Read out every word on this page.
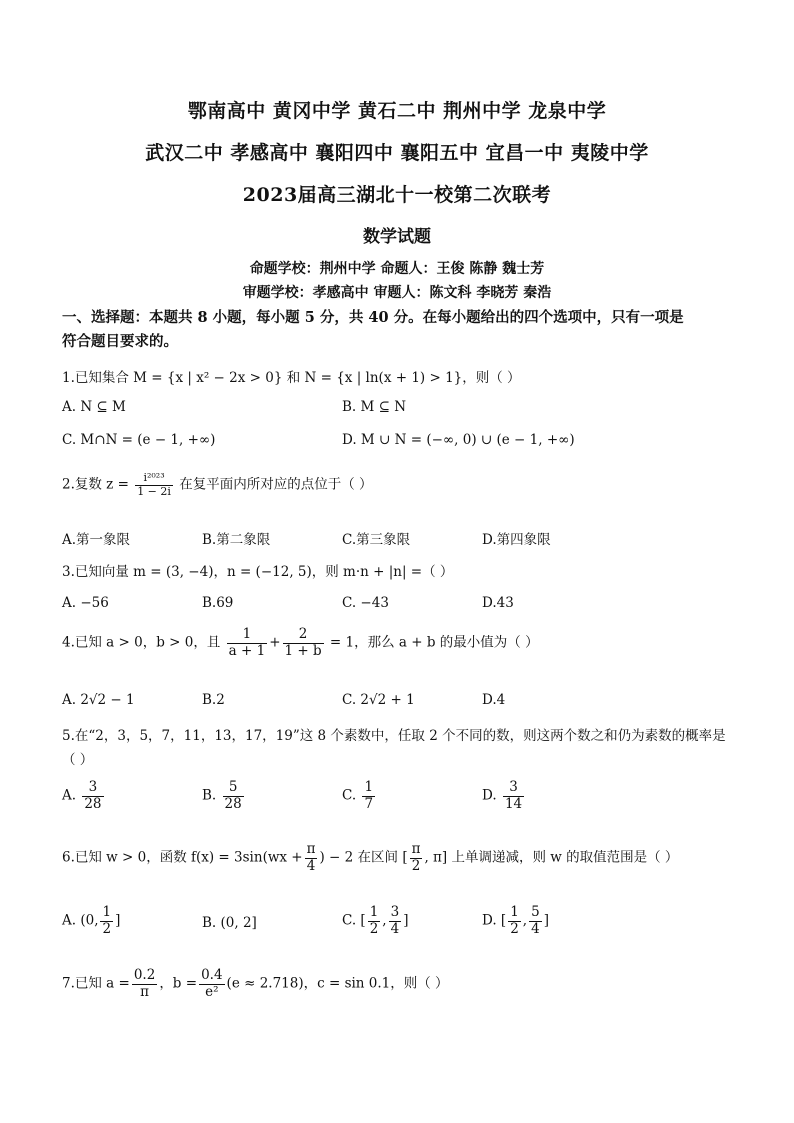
鄂南高中 黄冈中学 黄石二中 荆州中学 龙泉中学
武汉二中 孝感高中 襄阳四中 襄阳五中 宜昌一中 夷陵中学
2023届高三湖北十一校第二次联考
数学试题
命题学校：荆州中学 命题人：王俊 陈静 魏士芳
审题学校：孝感高中 审题人：陈文科 李晓芳 秦浩
一、选择题：本题共 8 小题，每小题 5 分，共 40 分。在每小题给出的四个选项中，只有一项是
符合题目要求的。
1.已知集合 M = {x | x² − 2x > 0} 和 N = {x | ln(x + 1) > 1}，则（ ）
A. N ⊆ M	B. M ⊆ N
C. M∩N = (e − 1, +∞)	D. M ∪ N = (−∞, 0) ∪ (e − 1, +∞)
2.复数 $z = \frac{\text{i²⁰²³}}{1 - 2i}$ 在复平面内所对应的点位于（ ）
A.第一象限	B.第二象限	C.第三象限	D.第四象限
3.已知向量 m = (3, −4)，n = (−12, 5)，则 m·n + |n| =（ ）
A. −56	B.69	C. −43	D.43
4.已知 a > 0，b > 0，且 $\frac{1}{a + 1} + \frac{2}{1 + b} = 1$，那么 a + b 的最小值为（ ）
A. 2√2 − 1	B.2	C. 2√2 + 1	D.4
5.在“2，3，5，7，11，13，17，19”这 8 个素数中，任取 2 个不同的数，则这两个数之和仍为素数的概率是
（ ）
A. $\frac{3}{28}$	B. $\frac{5}{28}$	C. $\frac{1}{7}$	D. $\frac{3}{14}$
6.已知 w > 0，函数 $f(x) = 3\sin(wx + \frac{\pi}{4}$ ) − 2 在区间 [ $\frac{\pi}{2}$ , π] 上单调递减，则 w 的取值范围是（ ）
A. (0, $\frac{1}{2}$ ]	B. (0, 2]	C. [ $\frac{1}{2}$ , $\frac{3}{4}$ ]	D. [ $\frac{1}{2}$ , $\frac{5}{4}$ ]
7.已知 $a = \frac{0.2}{\pi}$ ，$b = \frac{0.4}{\text{e²}} (e \approx 2.718)$，c = sin 0.1，则（ ）
